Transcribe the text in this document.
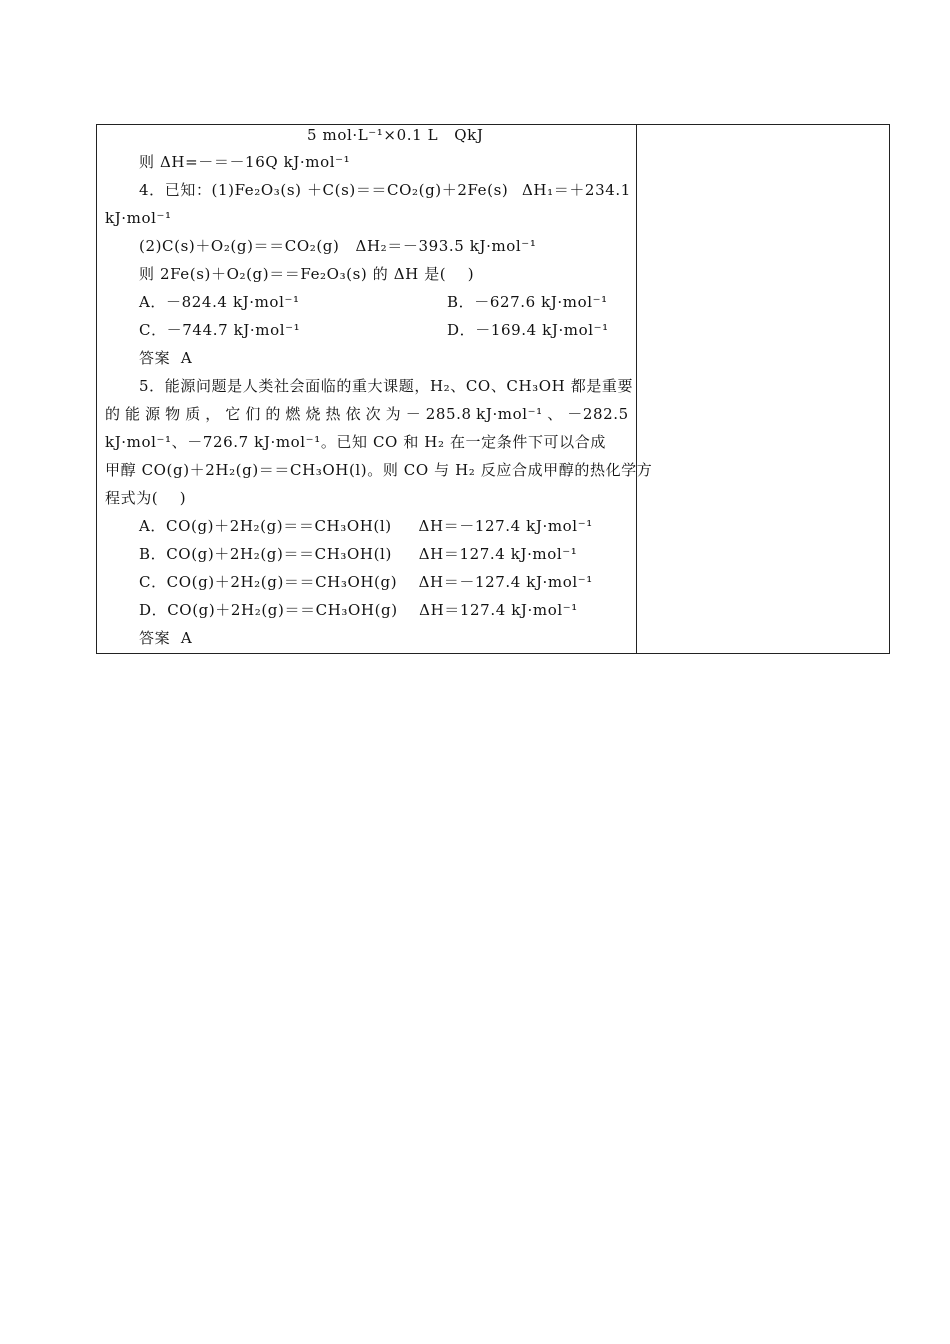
5 mol·L⁻¹×0.1 L   QkJ
则 ΔH=－＝－16Q kJ·mol⁻¹
4．已知：(1)Fe₂O₃(s) ＋C(s)＝＝CO₂(g)＋2Fe(s) ΔH₁＝＋234.1
kJ·mol⁻¹
(2)C(s)＋O₂(g)＝＝CO₂(g)   ΔH₂＝－393.5 kJ·mol⁻¹
则 2Fe(s)＋O₂(g)＝＝Fe₂O₃(s) 的 ΔH 是(    )
A．－824.4 kJ·mol⁻¹	B．－627.6 kJ·mol⁻¹
C．－744.7 kJ·mol⁻¹	D．－169.4 kJ·mol⁻¹
答案  A
5．能源问题是人类社会面临的重大课题，H₂、CO、CH₃OH 都是重要
的 能 源 物 质 ， 它 们 的 燃 烧 热 依 次 为 － 285.8 kJ·mol⁻¹ 、 －282.5
kJ·mol⁻¹、－726.7 kJ·mol⁻¹。已知 CO 和 H₂ 在一定条件下可以合成
甲醇 CO(g)＋2H₂(g)＝＝CH₃OH(l)。则 CO 与 H₂ 反应合成甲醇的热化学方
程式为(    )
A．CO(g)＋2H₂(g)＝＝CH₃OH(l)     ΔH＝－127.4 kJ·mol⁻¹
B．CO(g)＋2H₂(g)＝＝CH₃OH(l)     ΔH＝127.4 kJ·mol⁻¹
C．CO(g)＋2H₂(g)＝＝CH₃OH(g)    ΔH＝－127.4 kJ·mol⁻¹
D．CO(g)＋2H₂(g)＝＝CH₃OH(g)    ΔH＝127.4 kJ·mol⁻¹
答案  A
